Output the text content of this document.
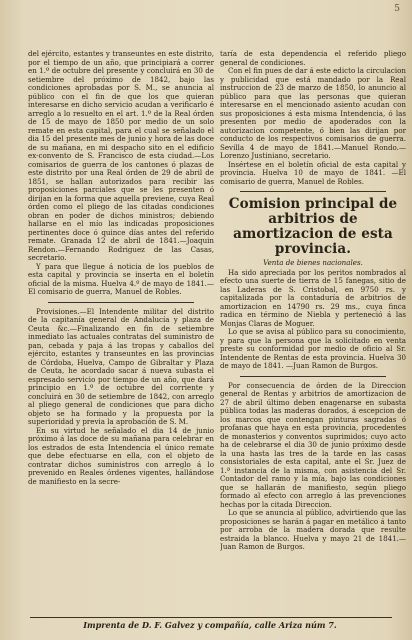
5

del ejército, estantes y transeuntes en este distrito, por el tiempo de un año, que principiará a correr en 1.º de octubre del presente y concluirá en 30 de setiembre del próximo de 1842, bajo las condiciones aprobadas por S. M., se anuncia al público con el fin de que los que quieran interesarse en dicho servicio acudan a verificarlo é arreglo a lo resuelto en el art. 1.º de la Real órden de 15 de mayo de 1850 por medio de un solo remate en esta capital, para el cual se señalado el dia 15 del presente mes de junio y hora de las doce de su mañana, en mi despacho sito en el edificio ex-convento de S. Francisco de esta ciudad.—Los comisarios de guerra de los cantones ó plazas de este distrito por una Real órden de 29 de abril de 1851, se hallan autorizados para recibir las proposiciones parciales que se les presenten ó dirijan en la forma que aquella previene, cuya Real órden como el pliego de las citadas condiciones obran en poder de dichos ministros; debiendo hallarse en el mío las indicadas proposiciones pertinentes doce ó quince días antes del referido remate. Granada 12 de abril de 1841.—Joaquin Rendon.—Fernando Rodriguez de las Casas, secretario.

Y para que llegue á noticia de los pueblos de esta capital y provincia se inserta en el boletín oficial de la misma. Huelva 4.º de mayo de 1841.—El comisario de guerra, Manuel de Robles.

Provisiones.—El Intendente militar del distrito de la capitanía general de Andalucía y plaza de Ceuta &c.—Finalizando en fin de setiembre inmediato las actuales contratas del suministro de pan, cebada y paja á las tropas y caballos del ejército, estantes y transeuntes en las provincias de Córdoba, Huelva, Campo de Gibraltar y Plaza de Ceuta, he acordado sacar á nueva subasta el espresado servicio por tiempo de un año, que dará principio en 1.º de octubre del corriente y concluirá en 30 de setiembre de 1842, con arreglo al pliego general de condiciones que para dicho objeto se ha formado y la propuesta por la superioridad y previa la aprobación de S. M.

En su virtud he señalado el dia 14 de junio próximo á las doce de su mañana para celebrar en los estrados de esta Intendencia el único remate que debe efectuarse en ella, con el objeto de contratar dichos suministros con arreglo á lo prevenido en Reales órdenes vigentes, hallándose de manifiesto en la secre-

taría de esta dependencia el referido pliego general de condiciones.

Con el fin pues de dar á este edicto la circulacion y publicidad que está mandado por la Real instruccion de 23 de marzo de 1850, lo anuncio al público para que las personas que quieran interesarse en el mencionado asiento acudan con sus proposiciones á esta misma Intendencia, ó las presenten por medio de apoderados con la autorizacion competente, ó bien las dirijan por conducto de los respectivos comisarios de guerra. Sevilla 4 de mayo de 1841.—Manuel Rondo.—Lorenzo Justiniano, secretario.

Insértese en el boletín oficial de esta capital y provincia. Huelva 10 de mayo de 1841. —El comisario de guerra, Manuel de Robles.

Comision principal de arbitrios de amortizacion de esta provincia.
Venta de bienes nacionales.

Ha sido apreciada por los peritos nombrados al efecto una suerte de tierra de 15 fanegas, sitio de las Laderas de S. Cristobal, en 9750 rs. y capitalizada por la contaduría de arbitrios de amortizacion en 14790 rs. 29 ms., cuya finca radica en término de Niebla y perteneció á las Monjas Claras de Moguer.

Lo que se avisa al público para su conocimiento, y para que la persona que la solicitado en venta preste su conformidad por medio de oficio al Sr. Intendente de Rentas de esta provincia. Huelva 30 de mayo de 1841. —Juan Ramon de Burgos.

Por consecuencia de órden de la Direccion general de Rentas y arbitrios de amortizacion de 27 de abril último deben enagenarse en subasta pública todas las maderas dorados, á escepcion de los marcos que contengan pinturas sagradas ó profanas que haya en esta provincia, procedentes de monasterios y conventos suprimidos; cuyo acto ha de celebrarse el dia 30 de junio próximo desde la una hasta las tres de la tarde en las casas consistoriales de esta capital, ante el Sr. Juez de 1.ª instancia de la misma, con asistencia del Sr. Contador del ramo y la mía, bajo las condiciones que se hallarán de manifiesto, según pliego formado al efecto con arreglo á las prevenciones hechas por la citada Direccion.

Lo que se anuncia al público, advirtiendo que las proposiciones se harán á pagar en metálico á tanto por arroba de la madera dorada que resulte estraida la blanco. Huelva y mayo 21 de 1841.—Juan Ramon de Burgos.

Imprenta de D. F. Galvez y compañía, calle Ariza núm 7.
